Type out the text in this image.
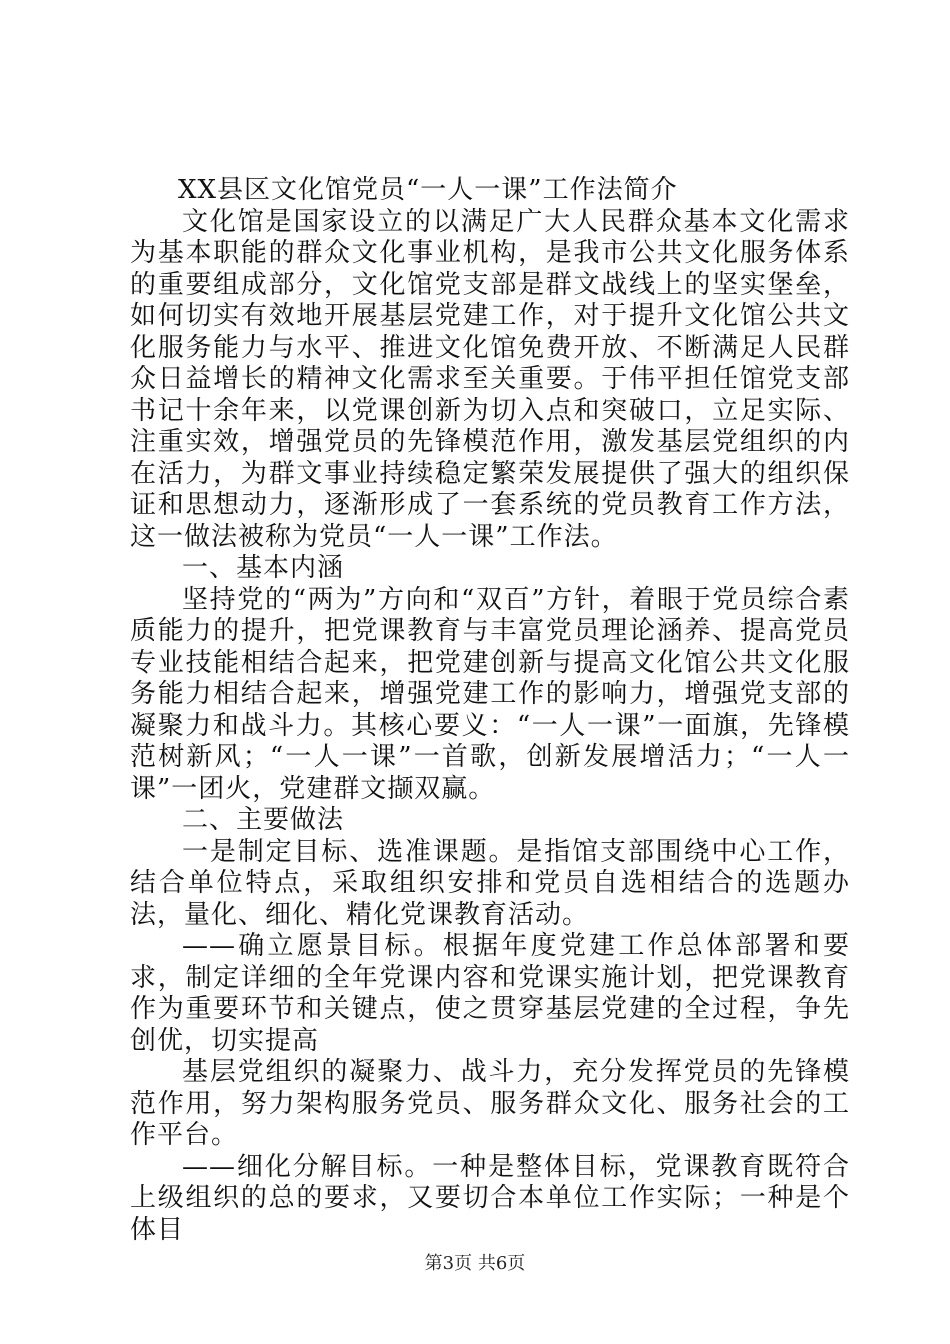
XX县区文化馆党员“一人一课”工作法简介

文化馆是国家设立的以满足广大人民群众基本文化需求为基本职能的群众文化事业机构，是我市公共文化服务体系的重要组成部分，文化馆党支部是群文战线上的坚实堡垒，如何切实有效地开展基层党建工作，对于提升文化馆公共文化服务能力与水平、推进文化馆免费开放、不断满足人民群众日益增长的精神文化需求至关重要。于伟平担任馆党支部书记十余年来，以党课创新为切入点和突破口，立足实际、注重实效，增强党员的先锋模范作用，激发基层党组织的内在活力，为群文事业持续稳定繁荣发展提供了强大的组织保证和思想动力，逐渐形成了一套系统的党员教育工作方法，这一做法被称为党员“一人一课”工作法。

一、基本内涵

坚持党的“两为”方向和“双百”方针，着眼于党员综合素质能力的提升，把党课教育与丰富党员理论涵养、提高党员专业技能相结合起来，把党建创新与提高文化馆公共文化服务能力相结合起来，增强党建工作的影响力，增强党支部的凝聚力和战斗力。其核心要义：“一人一课”一面旗，先锋模范树新风；“一人一课”一首歌，创新发展增活力；“一人一课”一团火，党建群文撷双赢。

二、主要做法

一是制定目标、选准课题。是指馆支部围绕中心工作，结合单位特点，采取组织安排和党员自选相结合的选题办法，量化、细化、精化党课教育活动。

——确立愿景目标。根据年度党建工作总体部署和要求，制定详细的全年党课内容和党课实施计划，把党课教育作为重要环节和关键点，使之贯穿基层党建的全过程，争先创优，切实提高

基层党组织的凝聚力、战斗力，充分发挥党员的先锋模范作用，努力架构服务党员、服务群众文化、服务社会的工作平台。

——细化分解目标。一种是整体目标，党课教育既符合上级组织的总的要求，又要切合本单位工作实际；一种是个体目

第3页 共6页
